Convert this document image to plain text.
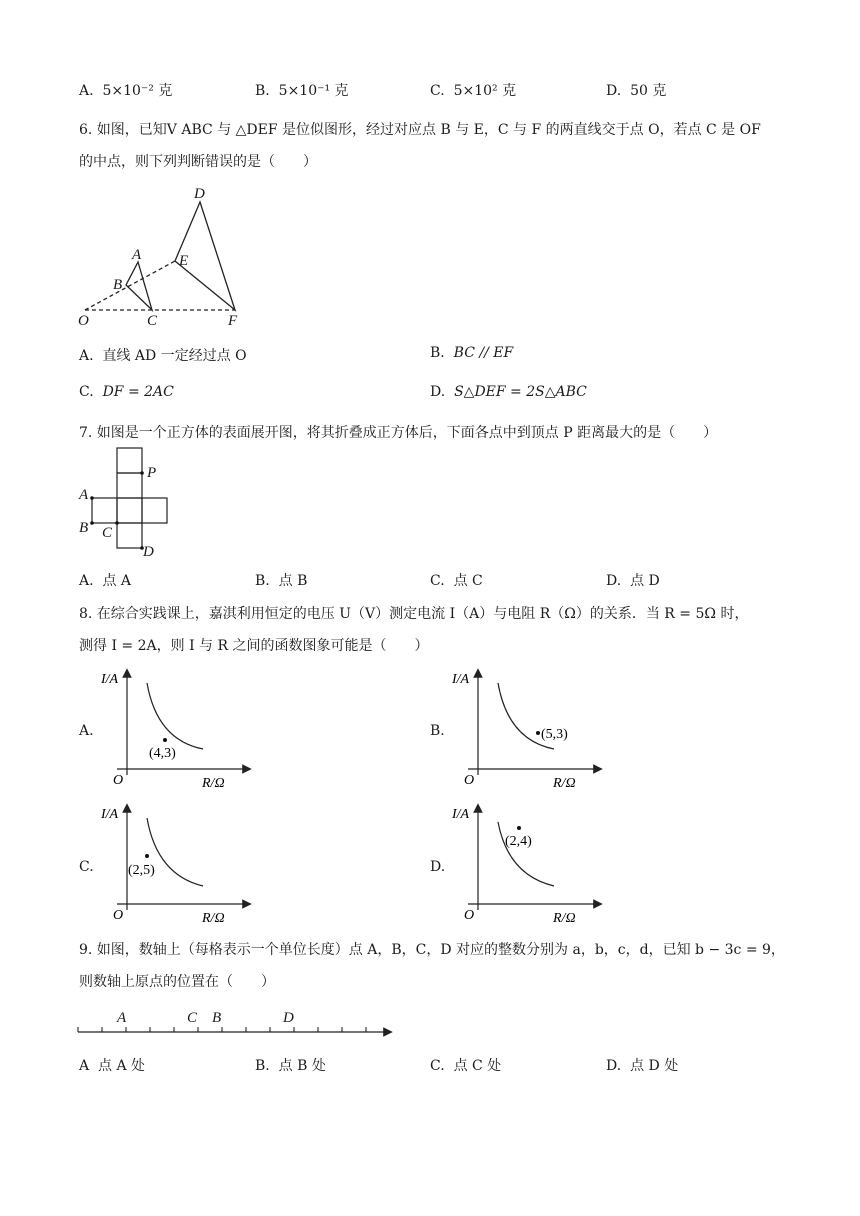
A. 5×10⁻² 克	B. 5×10⁻¹ 克	C. 5×10² 克	D. 50 克
6. 如图，已知V ABC 与 △DEF 是位似图形，经过对应点 B 与 E，C 与 F 的两直线交于点 O，若点 C 是 OF
的中点，则下列判断错误的是（　　）
D
A	E
B
O	C	F
A. 直线 AD 一定经过点 O	B. BC // EF
C. DF = 2AC	D. S△DEF = 2S△ABC
7. 如图是一个正方体的表面展开图，将其折叠成正方体后，下面各点中到顶点 P 距离最大的是（　　）
P
A
B C
D
A. 点 A	B. 点 B	C. 点 C	D. 点 D
8. 在综合实践课上，嘉淇利用恒定的电压 U（V）测定电流 I（A）与电阻 R（Ω）的关系．当 R = 5Ω 时，
测得 I = 2A，则 I 与 R 之间的函数图象可能是（　　）
A.
(4,3)
I/A
R/Ω
O
B.	(5,3)
I/A
R/Ω
O
C. (2,5)
I/A
R/Ω
O
D.
(2,4)
I/A
R/Ω
O
9. 如图，数轴上（每格表示一个单位长度）点 A，B，C，D 对应的整数分别为 a，b，c，d，已知 b − 3c = 9，
则数轴上原点的位置在（　　）
A	C B	D
A 点 A 处	B. 点 B 处	C. 点 C 处	D. 点 D 处
